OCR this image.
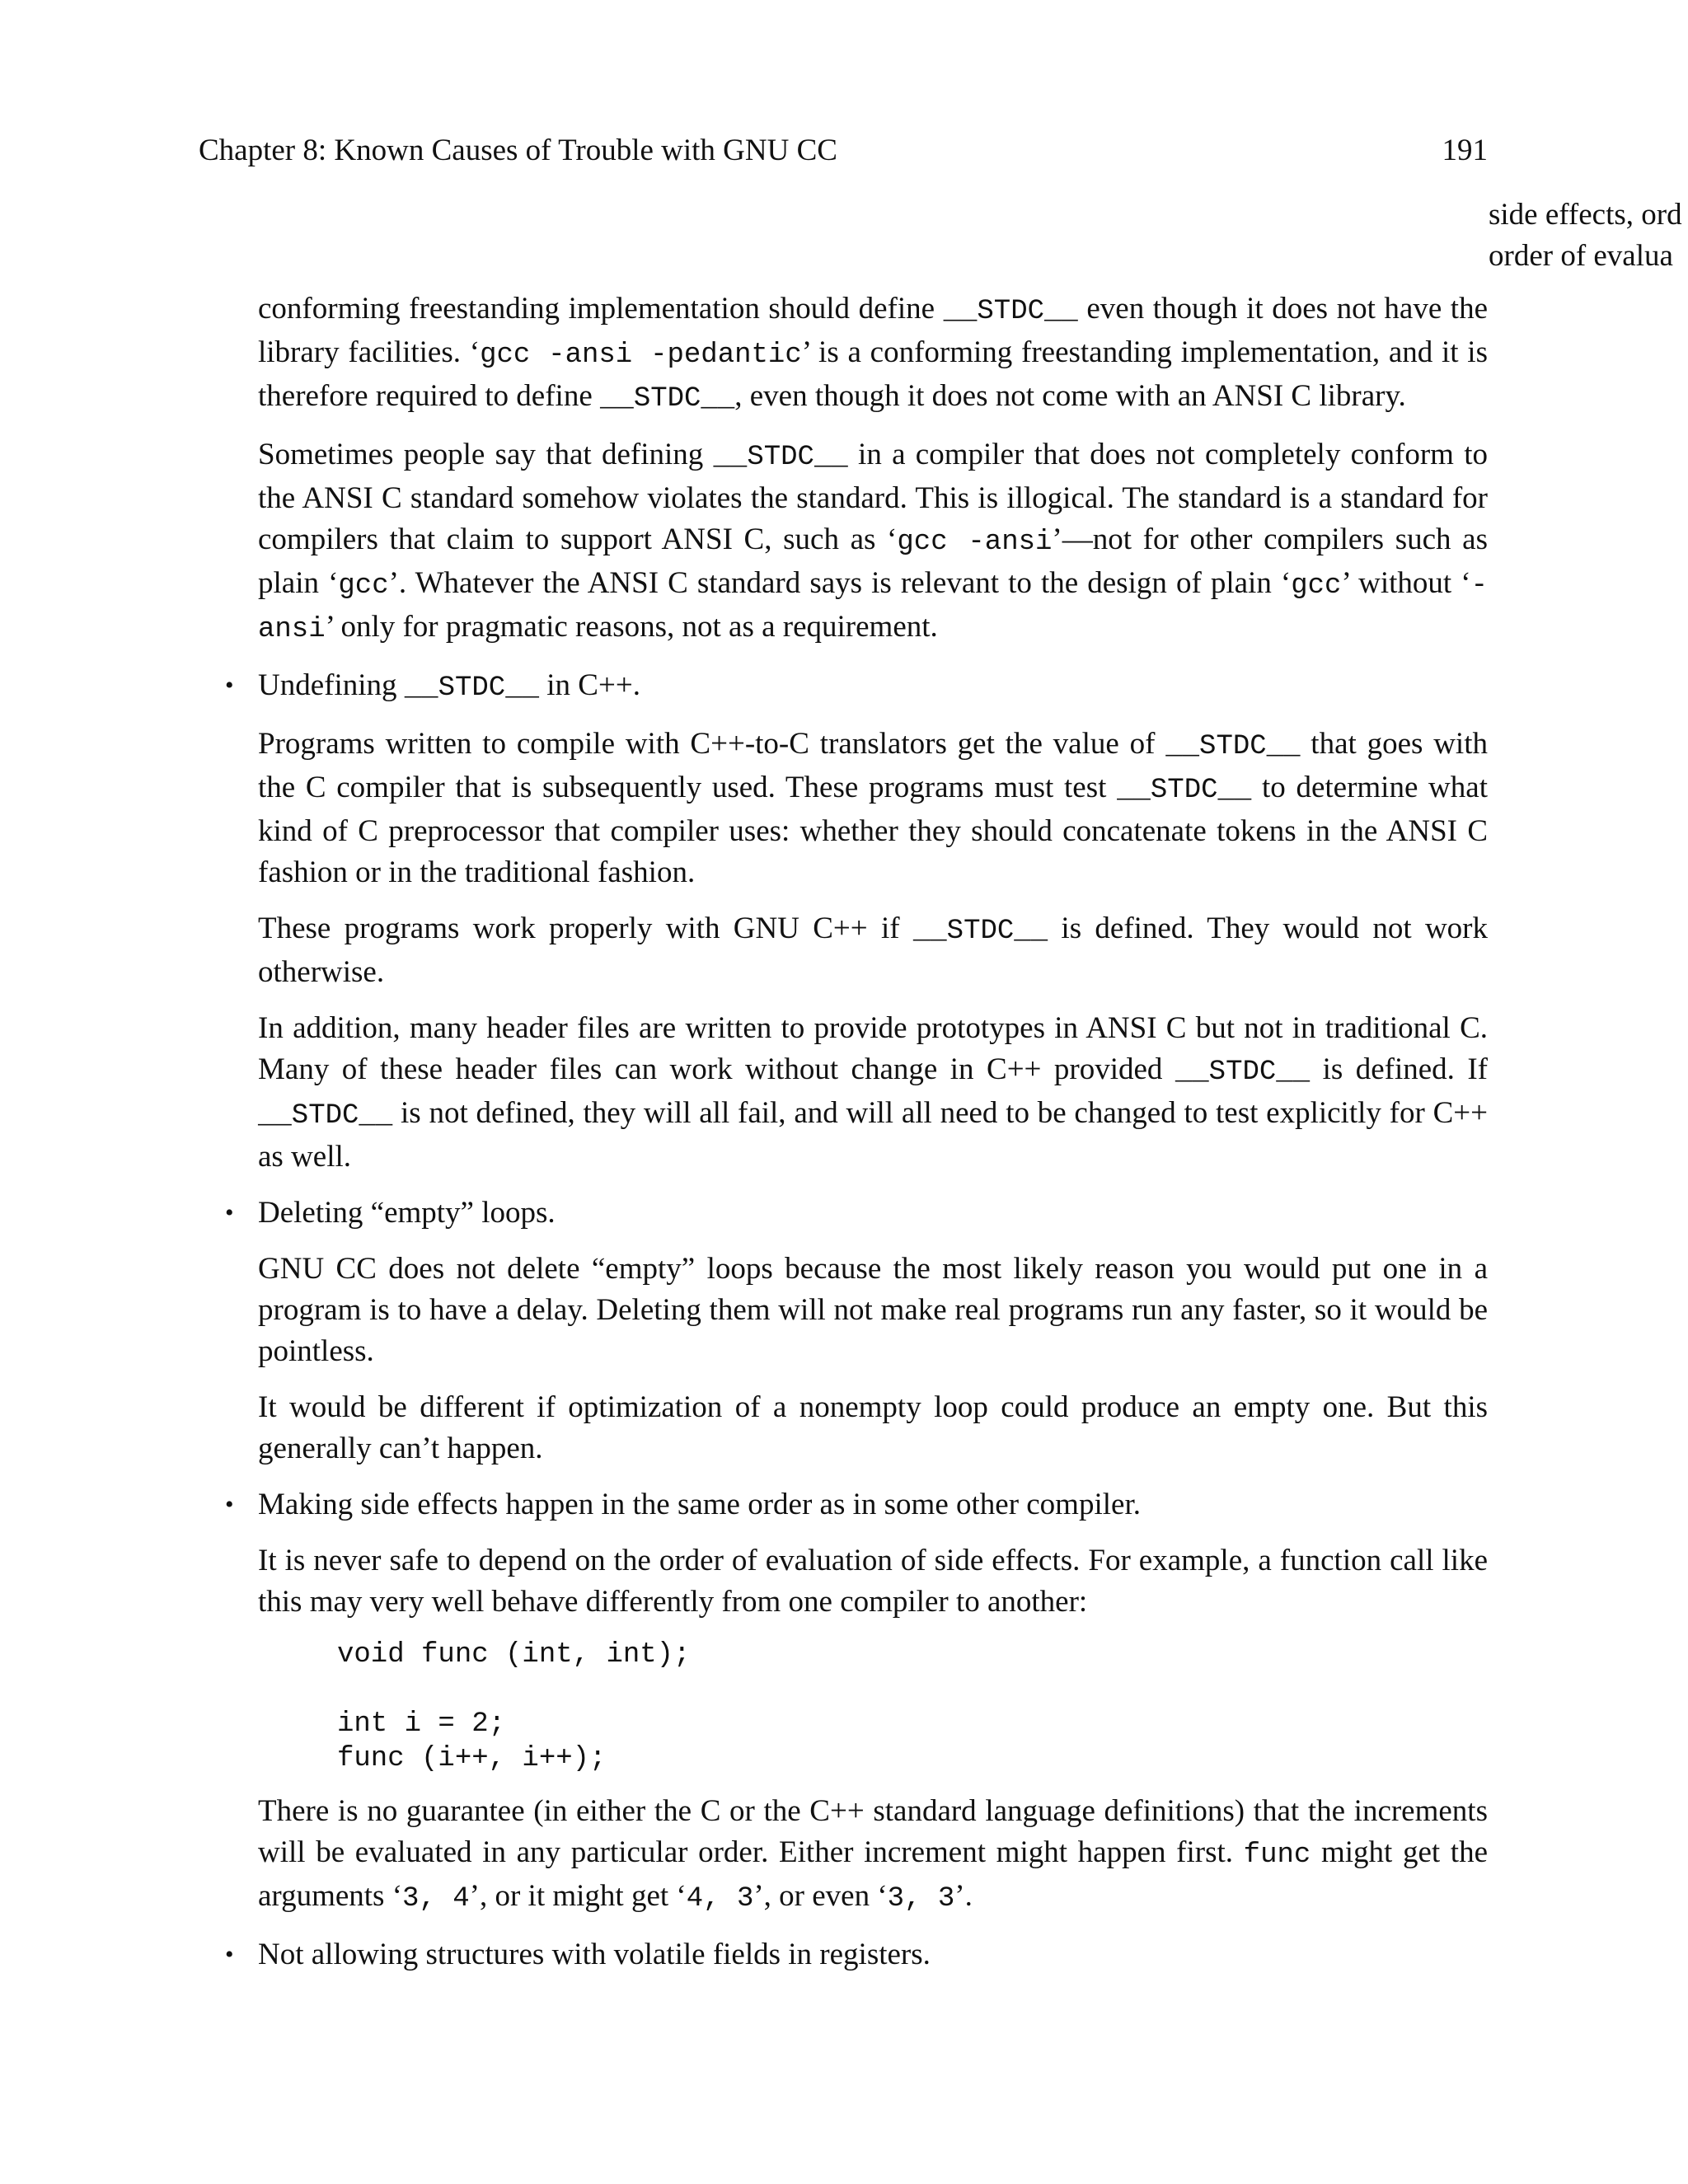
Chapter 8: Known Causes of Trouble with GNU CC	191
side effects, ord
order of evalua

conforming freestanding implementation should define __STDC__ even though it does not have the library facilities. ‘gcc -ansi -pedantic’ is a conforming freestanding implementation, and it is therefore required to define __STDC__, even though it does not come with an ANSI C library.

Sometimes people say that defining __STDC__ in a compiler that does not completely conform to the ANSI C standard somehow violates the standard. This is illogical. The standard is a standard for compilers that claim to support ANSI C, such as ‘gcc -ansi’—not for other compilers such as plain ‘gcc’. Whatever the ANSI C standard says is relevant to the design of plain ‘gcc’ without ‘-ansi’ only for pragmatic reasons, not as a requirement.

• Undefining __STDC__ in C++.

Programs written to compile with C++-to-C translators get the value of __STDC__ that goes with the C compiler that is subsequently used. These programs must test __STDC__ to determine what kind of C preprocessor that compiler uses: whether they should concatenate tokens in the ANSI C fashion or in the traditional fashion.

These programs work properly with GNU C++ if __STDC__ is defined. They would not work otherwise.

In addition, many header files are written to provide prototypes in ANSI C but not in traditional C. Many of these header files can work without change in C++ provided __STDC__ is defined. If __STDC__ is not defined, they will all fail, and will all need to be changed to test explicitly for C++ as well.

• Deleting “empty” loops.

GNU CC does not delete “empty” loops because the most likely reason you would put one in a program is to have a delay. Deleting them will not make real programs run any faster, so it would be pointless.

It would be different if optimization of a nonempty loop could produce an empty one. But this generally can’t happen.

• Making side effects happen in the same order as in some other compiler.

It is never safe to depend on the order of evaluation of side effects. For example, a function call like this may very well behave differently from one compiler to another:

void func (int, int);
int i = 2;
func (i++, i++);

There is no guarantee (in either the C or the C++ standard language definitions) that the increments will be evaluated in any particular order. Either increment might happen first. func might get the arguments ‘3, 4’, or it might get ‘4, 3’, or even ‘3, 3’.

• Not allowing structures with volatile fields in registers.
